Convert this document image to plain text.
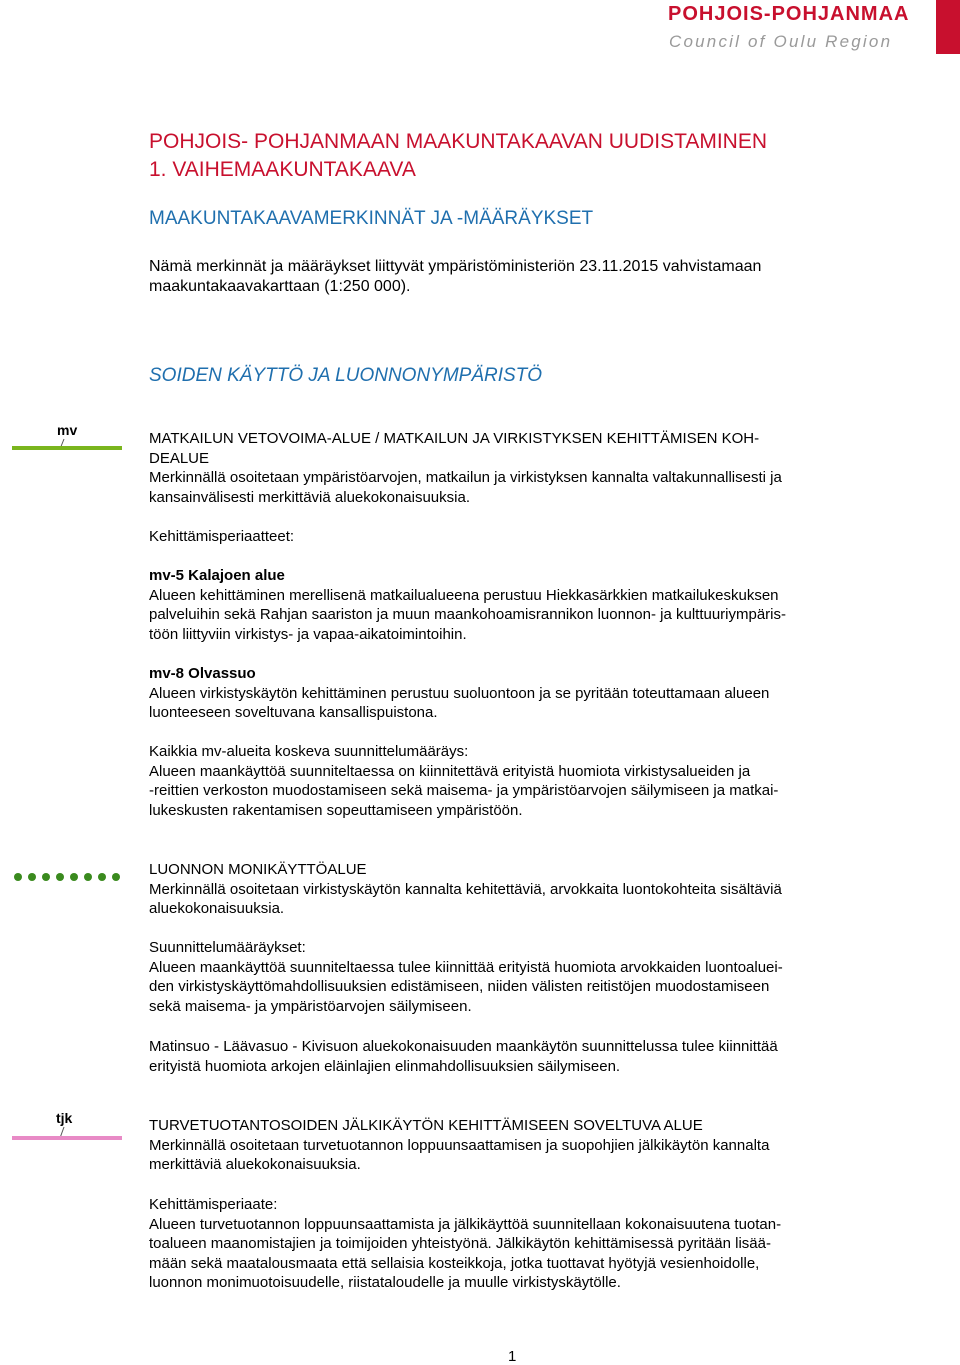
POHJOIS-POHJANMAA
Council of Oulu Region
POHJOIS- POHJANMAAN MAAKUNTAKAAVAN UUDISTAMINEN
1. VAIHEMAAKUNTAKAAVA
MAAKUNTAKAAVAMERKINNÄT JA -MÄÄRÄYKSET

Nämä merkinnät ja määräykset liittyvät ympäristöministeriön 23.11.2015 vahvistamaan

maakuntakaavakarttaan (1:250 000).

SOIDEN KÄYTTÖ JA LUONNONYMPÄRISTÖ
mv	MATKAILUN VETOVOIMA-ALUE / MATKAILUN JA VIRKISTYKSEN KEHITTÄMISEN KOH-

DEALUE

Merkinnällä osoitetaan ympäristöarvojen, matkailun ja virkistyksen kannalta valtakunnallisesti ja

kansainvälisesti merkittäviä aluekokonaisuuksia.

Kehittämisperiaatteet:

mv-5 Kalajoen alue

Alueen kehittäminen merellisenä matkailualueena perustuu Hiekkasärkkien matkailukeskuksen

palveluihin sekä Rahjan saariston ja muun maankohoamisrannikon luonnon- ja kulttuuriympäris-

töön liittyviin virkistys- ja vapaa-aikatoimintoihin.

mv-8 Olvassuo

Alueen virkistyskäytön kehittäminen perustuu suoluontoon ja se pyritään toteuttamaan alueen

luonteeseen soveltuvana kansallispuistona.

Kaikkia mv-alueita koskeva suunnittelumääräys:

Alueen maankäyttöä suunniteltaessa on kiinnitettävä erityistä huomiota virkistysalueiden ja

-reittien verkoston muodostamiseen sekä maisema- ja ympäristöarvojen säilymiseen ja matkai-

lukeskusten rakentamisen sopeuttamiseen ympäristöön.

LUONNON MONIKÄYTTÖALUE

Merkinnällä osoitetaan virkistyskäytön kannalta kehitettäviä, arvokkaita luontokohteita sisältäviä

aluekokonaisuuksia.

Suunnittelumääräykset:

Alueen maankäyttöä suunniteltaessa tulee kiinnittää erityistä huomiota arvokkaiden luontoaluei-

den virkistyskäyttömahdollisuuksien edistämiseen, niiden välisten reitistöjen muodostamiseen

sekä maisema- ja ympäristöarvojen säilymiseen.

Matinsuo - Läävasuo - Kivisuon aluekokonaisuuden maankäytön suunnittelussa tulee kiinnittää

erityistä huomiota arkojen eläinlajien elinmahdollisuuksien säilymiseen.

tjk	TURVETUOTANTOSOIDEN JÄLKIKÄYTÖN KEHITTÄMISEEN SOVELTUVA ALUE

Merkinnällä osoitetaan turvetuotannon loppuunsaattamisen ja suopohjien jälkikäytön kannalta

merkittäviä aluekokonaisuuksia.

Kehittämisperiaate:

Alueen turvetuotannon loppuunsaattamista ja jälkikäyttöä suunnitellaan kokonaisuutena tuotan-

toalueen maanomistajien ja toimijoiden yhteistyönä. Jälkikäytön kehittämisessä pyritään lisää-

mään sekä maatalousmaata että sellaisia kosteikkoja, jotka tuottavat hyötyjä vesienhoidolle,

luonnon monimuotoisuudelle, riistataloudelle ja muulle virkistyskäytölle.

1
